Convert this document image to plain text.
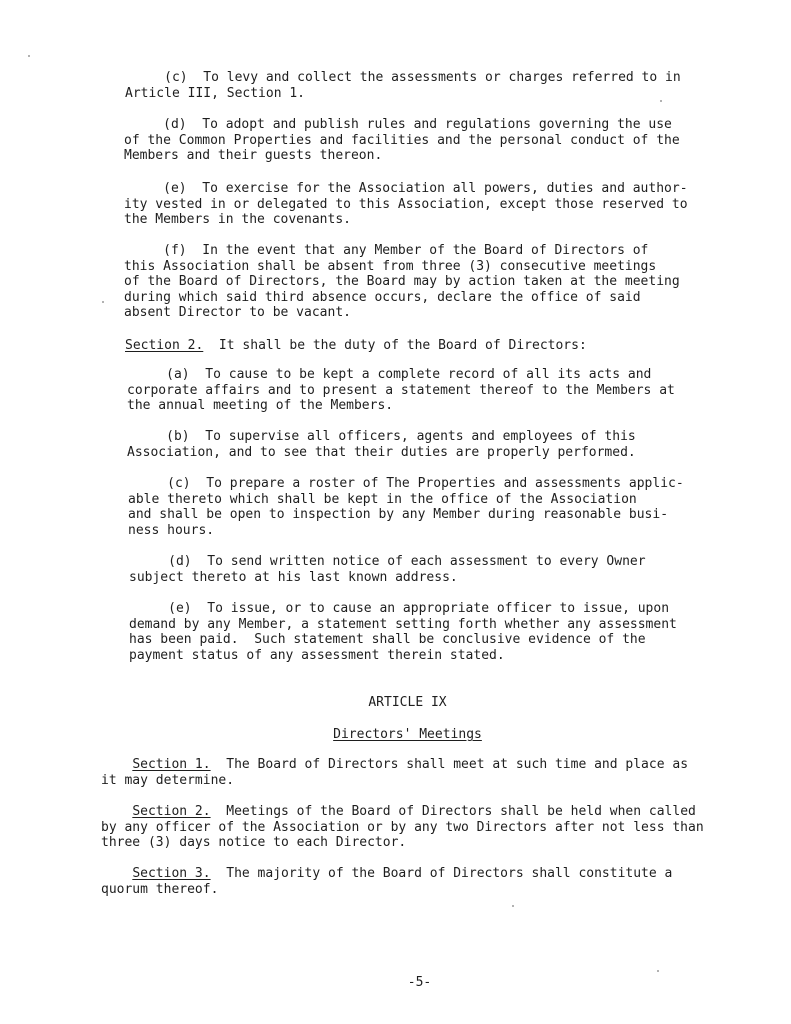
(c)  To levy and collect the assessments or charges referred to in
Article III, Section 1.

(d)  To adopt and publish rules and regulations governing the use
of the Common Properties and facilities and the personal conduct of the
Members and their guests thereon.

(e)  To exercise for the Association all powers, duties and author-
ity vested in or delegated to this Association, except those reserved to
the Members in the covenants.

(f)  In the event that any Member of the Board of Directors of
this Association shall be absent from three (3) consecutive meetings
of the Board of Directors, the Board may by action taken at the meeting
during which said third absence occurs, declare the office of said
absent Director to be vacant.

Section 2.  It shall be the duty of the Board of Directors:

(a)  To cause to be kept a complete record of all its acts and
corporate affairs and to present a statement thereof to the Members at
the annual meeting of the Members.

(b)  To supervise all officers, agents and employees of this
Association, and to see that their duties are properly performed.

(c)  To prepare a roster of The Properties and assessments applic-
able thereto which shall be kept in the office of the Association
and shall be open to inspection by any Member during reasonable busi-
ness hours.

(d)  To send written notice of each assessment to every Owner
subject thereto at his last known address.

(e)  To issue, or to cause an appropriate officer to issue, upon
demand by any Member, a statement setting forth whether any assessment
has been paid.  Such statement shall be conclusive evidence of the
payment status of any assessment therein stated.

ARTICLE IX

Directors' Meetings

Section 1.  The Board of Directors shall meet at such time and place as
it may determine.

Section 2.  Meetings of the Board of Directors shall be held when called
by any officer of the Association or by any two Directors after not less than
three (3) days notice to each Director.

Section 3.  The majority of the Board of Directors shall constitute a
quorum thereof.

-5-
